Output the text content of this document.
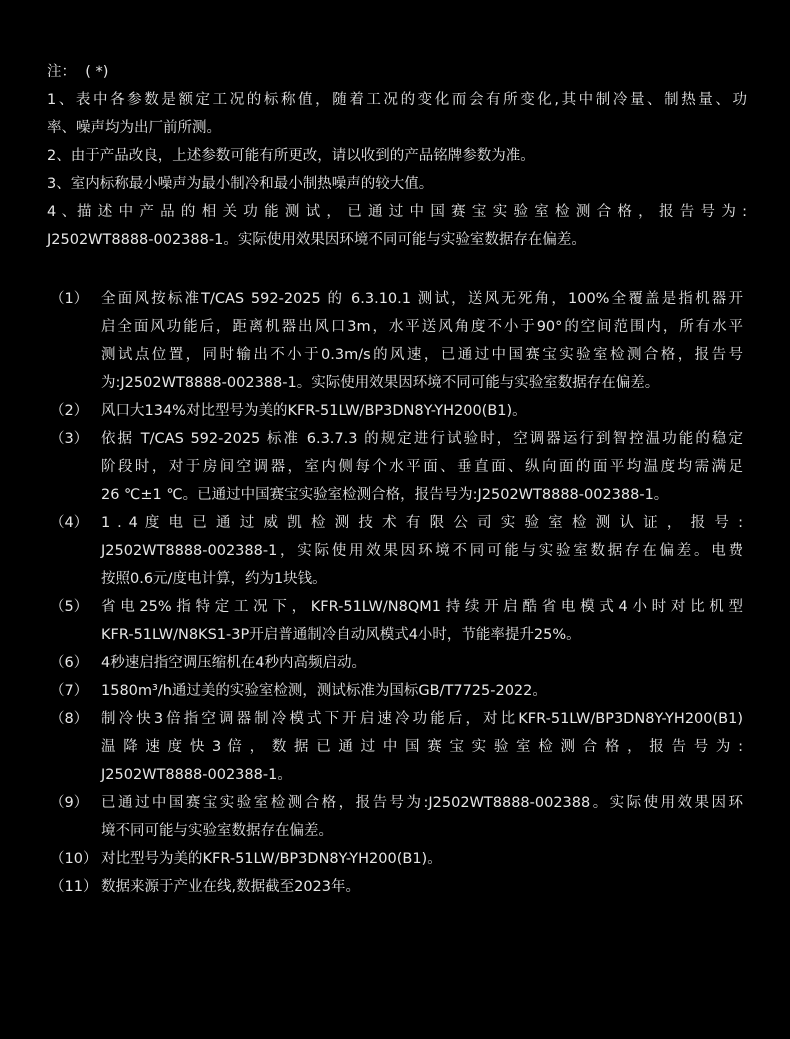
注：  ( *)
1、表中各参数是额定工况的标称值，随着工况的变化而会有所变化,其中制冷量、制热量、功
率、噪声均为出厂前所测。
2、由于产品改良，上述参数可能有所更改，请以收到的产品铭牌参数为准。
3、室内标称最小噪声为最小制冷和最小制热噪声的较大值。
4 、描 述 中 产 品 的 相 关 功 能 测 试 ， 已 通 过 中 国 赛 宝 实 验 室 检 测 合 格 ， 报 告 号 为 :
J2502WT8888-002388-1。实际使用效果因环境不同可能与实验室数据存在偏差。
（1） 全面风按标准T/CAS 592-2025 的 6.3.10.1 测试，送风无死角，100%全覆盖是指机器开
启全面风功能后，距离机器出风口3m，水平送风角度不小于90°的空间范围内，所有水平
测试点位置，同时输出不小于0.3m/s的风速，已通过中国赛宝实验室检测合格，报告号
为:J2502WT8888-002388-1。实际使用效果因环境不同可能与实验室数据存在偏差。
（2） 风口大134%对比型号为美的KFR-51LW/BP3DN8Y-YH200(B1)。
（3） 依据 T/CAS 592-2025 标准 6.3.7.3 的规定进行试验时，空调器运行到智控温功能的稳定
阶段时，对于房间空调器，室内侧每个水平面、垂直面、纵向面的面平均温度均需满足
26 ℃±1 ℃。已通过中国赛宝实验室检测合格，报告号为:J2502WT8888-002388-1。
（4） 1 . 4 度 电 已 通 过 威 凯 检 测 技 术 有 限 公 司 实 验 室 检 测 认 证 ， 报 号 :
J2502WT8888-002388-1，实际使用效果因环境不同可能与实验室数据存在偏差。电费
按照0.6元/度电计算，约为1块钱。
（5） 省电25%指特定工况下，KFR-51LW/N8QM1持续开启酷省电模式4小时对比机型
KFR-51LW/N8KS1-3P开启普通制冷自动风模式4小时，节能率提升25%。
（6） 4秒速启指空调压缩机在4秒内高频启动。
（7） 1580m³/h通过美的实验室检测，测试标准为国标GB/T7725-2022。
（8） 制冷快3倍指空调器制冷模式下开启速冷功能后，对比KFR-51LW/BP3DN8Y-YH200(B1)
温 降 速 度 快 3 倍 ， 数 据 已 通 过 中 国 赛 宝 实 验 室 检 测 合 格 ， 报 告 号 为 :
J2502WT8888-002388-1。
（9） 已通过中国赛宝实验室检测合格，报告号为:J2502WT8888-002388。实际使用效果因环
境不同可能与实验室数据存在偏差。
（10） 对比型号为美的KFR-51LW/BP3DN8Y-YH200(B1)。
（11） 数据来源于产业在线,数据截至2023年。
